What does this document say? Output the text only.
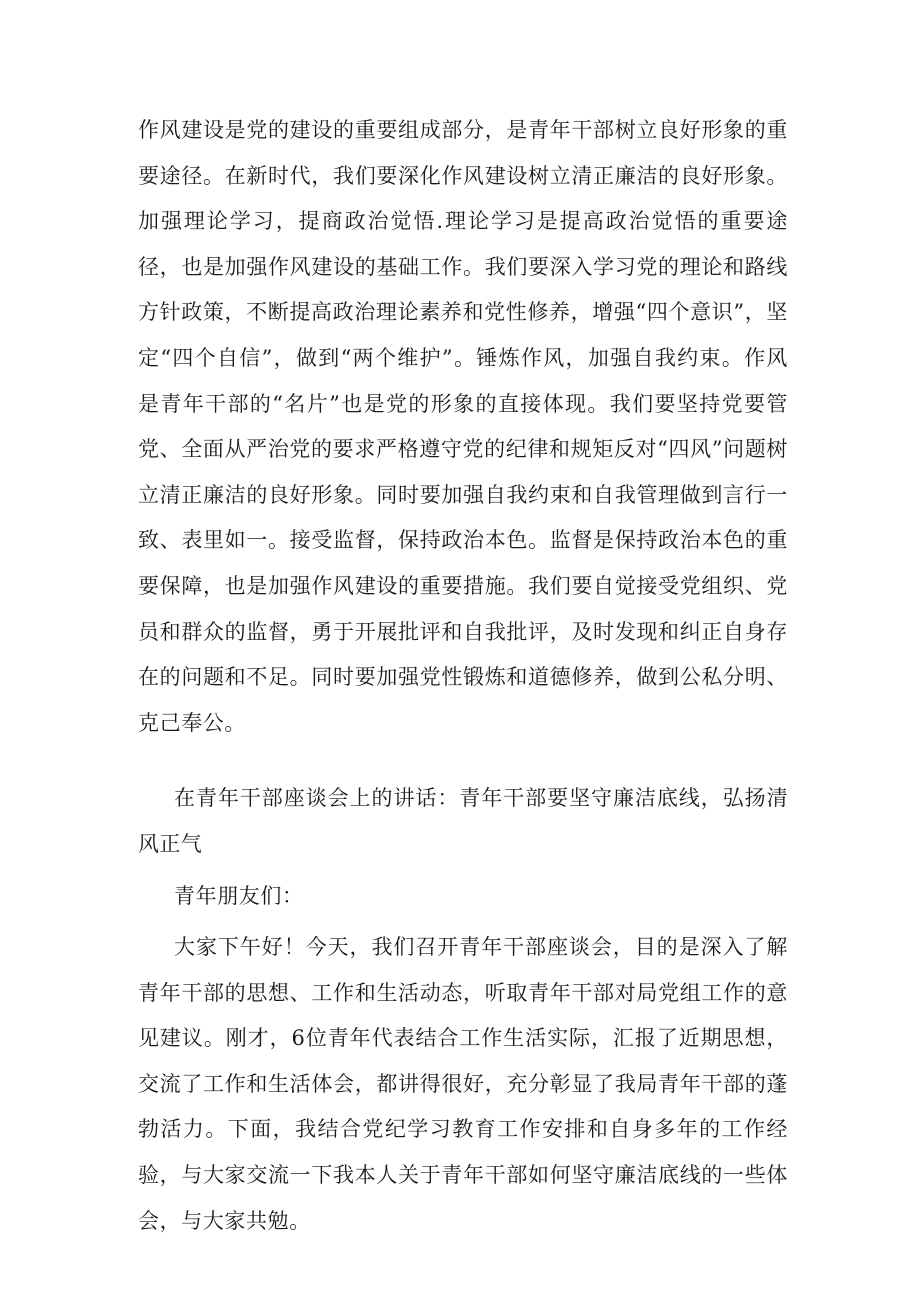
作风建设是党的建设的重要组成部分，是青年干部树立良好形象的重要途径。在新时代，我们要深化作风建设树立清正廉洁的良好形象。加强理论学习，提商政治觉悟.理论学习是提高政治觉悟的重要途径，也是加强作风建设的基础工作。我们要深入学习党的理论和路线方针政策，不断提高政治理论素养和党性修养，增强“四个意识”，坚定“四个自信”，做到“两个维护”。锤炼作风，加强自我约束。作风是青年干部的“名片”也是党的形象的直接体现。我们要坚持党要管党、全面从严治党的要求严格遵守党的纪律和规矩反对“四风”问题树立清正廉洁的良好形象。同时要加强自我约束和自我管理做到言行一致、表里如一。接受监督，保持政治本色。监督是保持政治本色的重要保障，也是加强作风建设的重要措施。我们要自觉接受党组织、党员和群众的监督，勇于开展批评和自我批评，及时发现和纠正自身存在的问题和不足。同时要加强党性锻炼和道德修养，做到公私分明、克己奉公。

在青年干部座谈会上的讲话：青年干部要坚守廉洁底线，弘扬清风正气

青年朋友们：

大家下午好！今天，我们召开青年干部座谈会，目的是深入了解青年干部的思想、工作和生活动态，听取青年干部对局党组工作的意见建议。刚才，6位青年代表结合工作生活实际，汇报了近期思想，交流了工作和生活体会，都讲得很好，充分彰显了我局青年干部的蓬勃活力。下面，我结合党纪学习教育工作安排和自身多年的工作经验，与大家交流一下我本人关于青年干部如何坚守廉洁底线的一些体会，与大家共勉。
